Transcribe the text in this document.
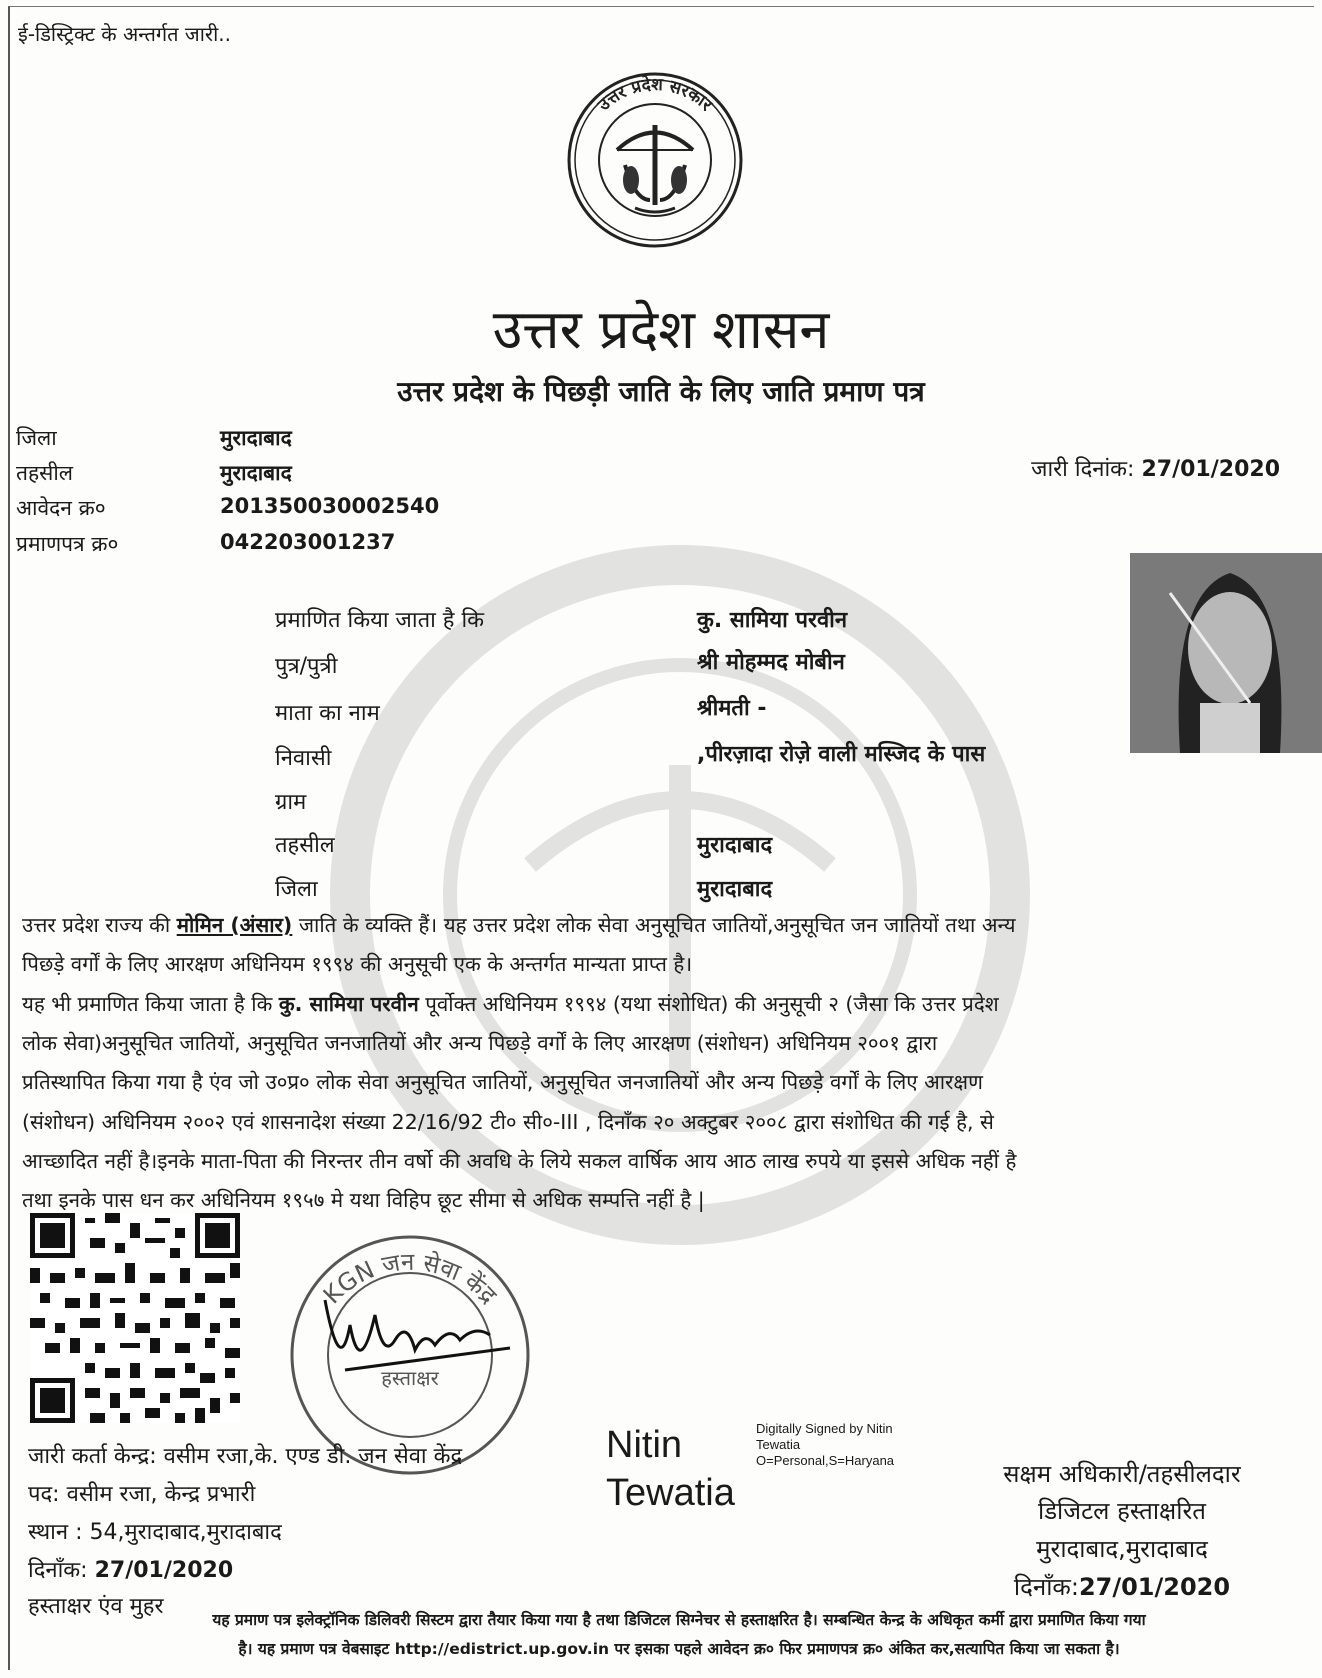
ई-डिस्ट्रिक्ट के अन्तर्गत जारी..
उत्तर प्रदेश सरकार
उत्तर प्रदेश शासन
उत्तर प्रदेश के पिछड़ी जाति के लिए जाति प्रमाण पत्र
जिला	मुरादाबाद
तहसील	मुरादाबाद
आवेदन क्र०	201350030002540
प्रमाणपत्र क्र०	042203001237
जारी दिनांक: 27/01/2020
प्रमाणित किया जाता है कि	कु. सामिया परवीन
पुत्र/पुत्री	श्री मोहम्मद मोबीन
माता का नाम	श्रीमती -
निवासी	,पीरज़ादा रोज़े वाली मस्जिद के पास
ग्राम
तहसील	मुरादाबाद
जिला	मुरादाबाद
उत्तर प्रदेश राज्य की मोमिन (अंसार) जाति के व्यक्ति हैं। यह उत्तर प्रदेश लोक सेवा अनुसूचित जातियों,अनुसूचित जन जातियों तथा अन्य
पिछड़े वर्गों के लिए आरक्षण अधिनियम १९९४ की अनुसूची एक के अन्तर्गत मान्यता प्राप्त है।
यह भी प्रमाणित किया जाता है कि कु. सामिया परवीन पूर्वोक्त अधिनियम १९९४ (यथा संशोधित) की अनुसूची २ (जैसा कि उत्तर प्रदेश
लोक सेवा)अनुसूचित जातियों, अनुसूचित जनजातियों और अन्य पिछड़े वर्गों के लिए आरक्षण (संशोधन) अधिनियम २००१ द्वारा
प्रतिस्थापित किया गया है एंव जो उ०प्र० लोक सेवा अनुसूचित जातियों, अनुसूचित जनजातियों और अन्य पिछड़े वर्गों के लिए आरक्षण
(संशोधन) अधिनियम २००२ एवं शासनादेश संख्या 22/16/92 टी० सी०-III , दिनाँक २० अक्टुबर २००८ द्वारा संशोधित की गई है, से
आच्छादित नहीं है।इनके माता-पिता की निरन्तर तीन वर्षो की अवधि के लिये सकल वार्षिक आय आठ लाख रुपये या इससे अधिक नहीं है
तथा इनके पास धन कर अधिनियम १९५७ मे यथा विहिप छूट सीमा से अधिक सम्पत्ति नहीं है |
KGN जन सेवा केंद्र
हस्ताक्षर
जारी कर्ता केन्द्र: वसीम रजा,के. एण्ड डी. जन सेवा केंद्र
पद: वसीम रजा, केन्द्र प्रभारी
स्थान : 54,मुरादाबाद,मुरादाबाद
दिनाँक: 27/01/2020
हस्ताक्षर एंव मुहर
Nitin
Tewatia
Digitally Signed by Nitin
Tewatia
O=Personal,S=Haryana	सक्षम अधिकारी/तहसीलदार
डिजिटल हस्ताक्षरित
मुरादाबाद,मुरादाबाद
दिनाँक:27/01/2020
यह प्रमाण पत्र इलेक्ट्रॉनिक डिलिवरी सिस्टम द्वारा तैयार किया गया है तथा डिजिटल सिग्नेचर से हस्ताक्षरित है। सम्बन्धित केन्द्र के अधिकृत कर्मी द्वारा प्रमाणित किया गया
है। यह प्रमाण पत्र वेबसाइट http://edistrict.up.gov.in पर इसका पहले आवेदन क्र० फिर प्रमाणपत्र क्र० अंकित कर,सत्यापित किया जा सकता है।
